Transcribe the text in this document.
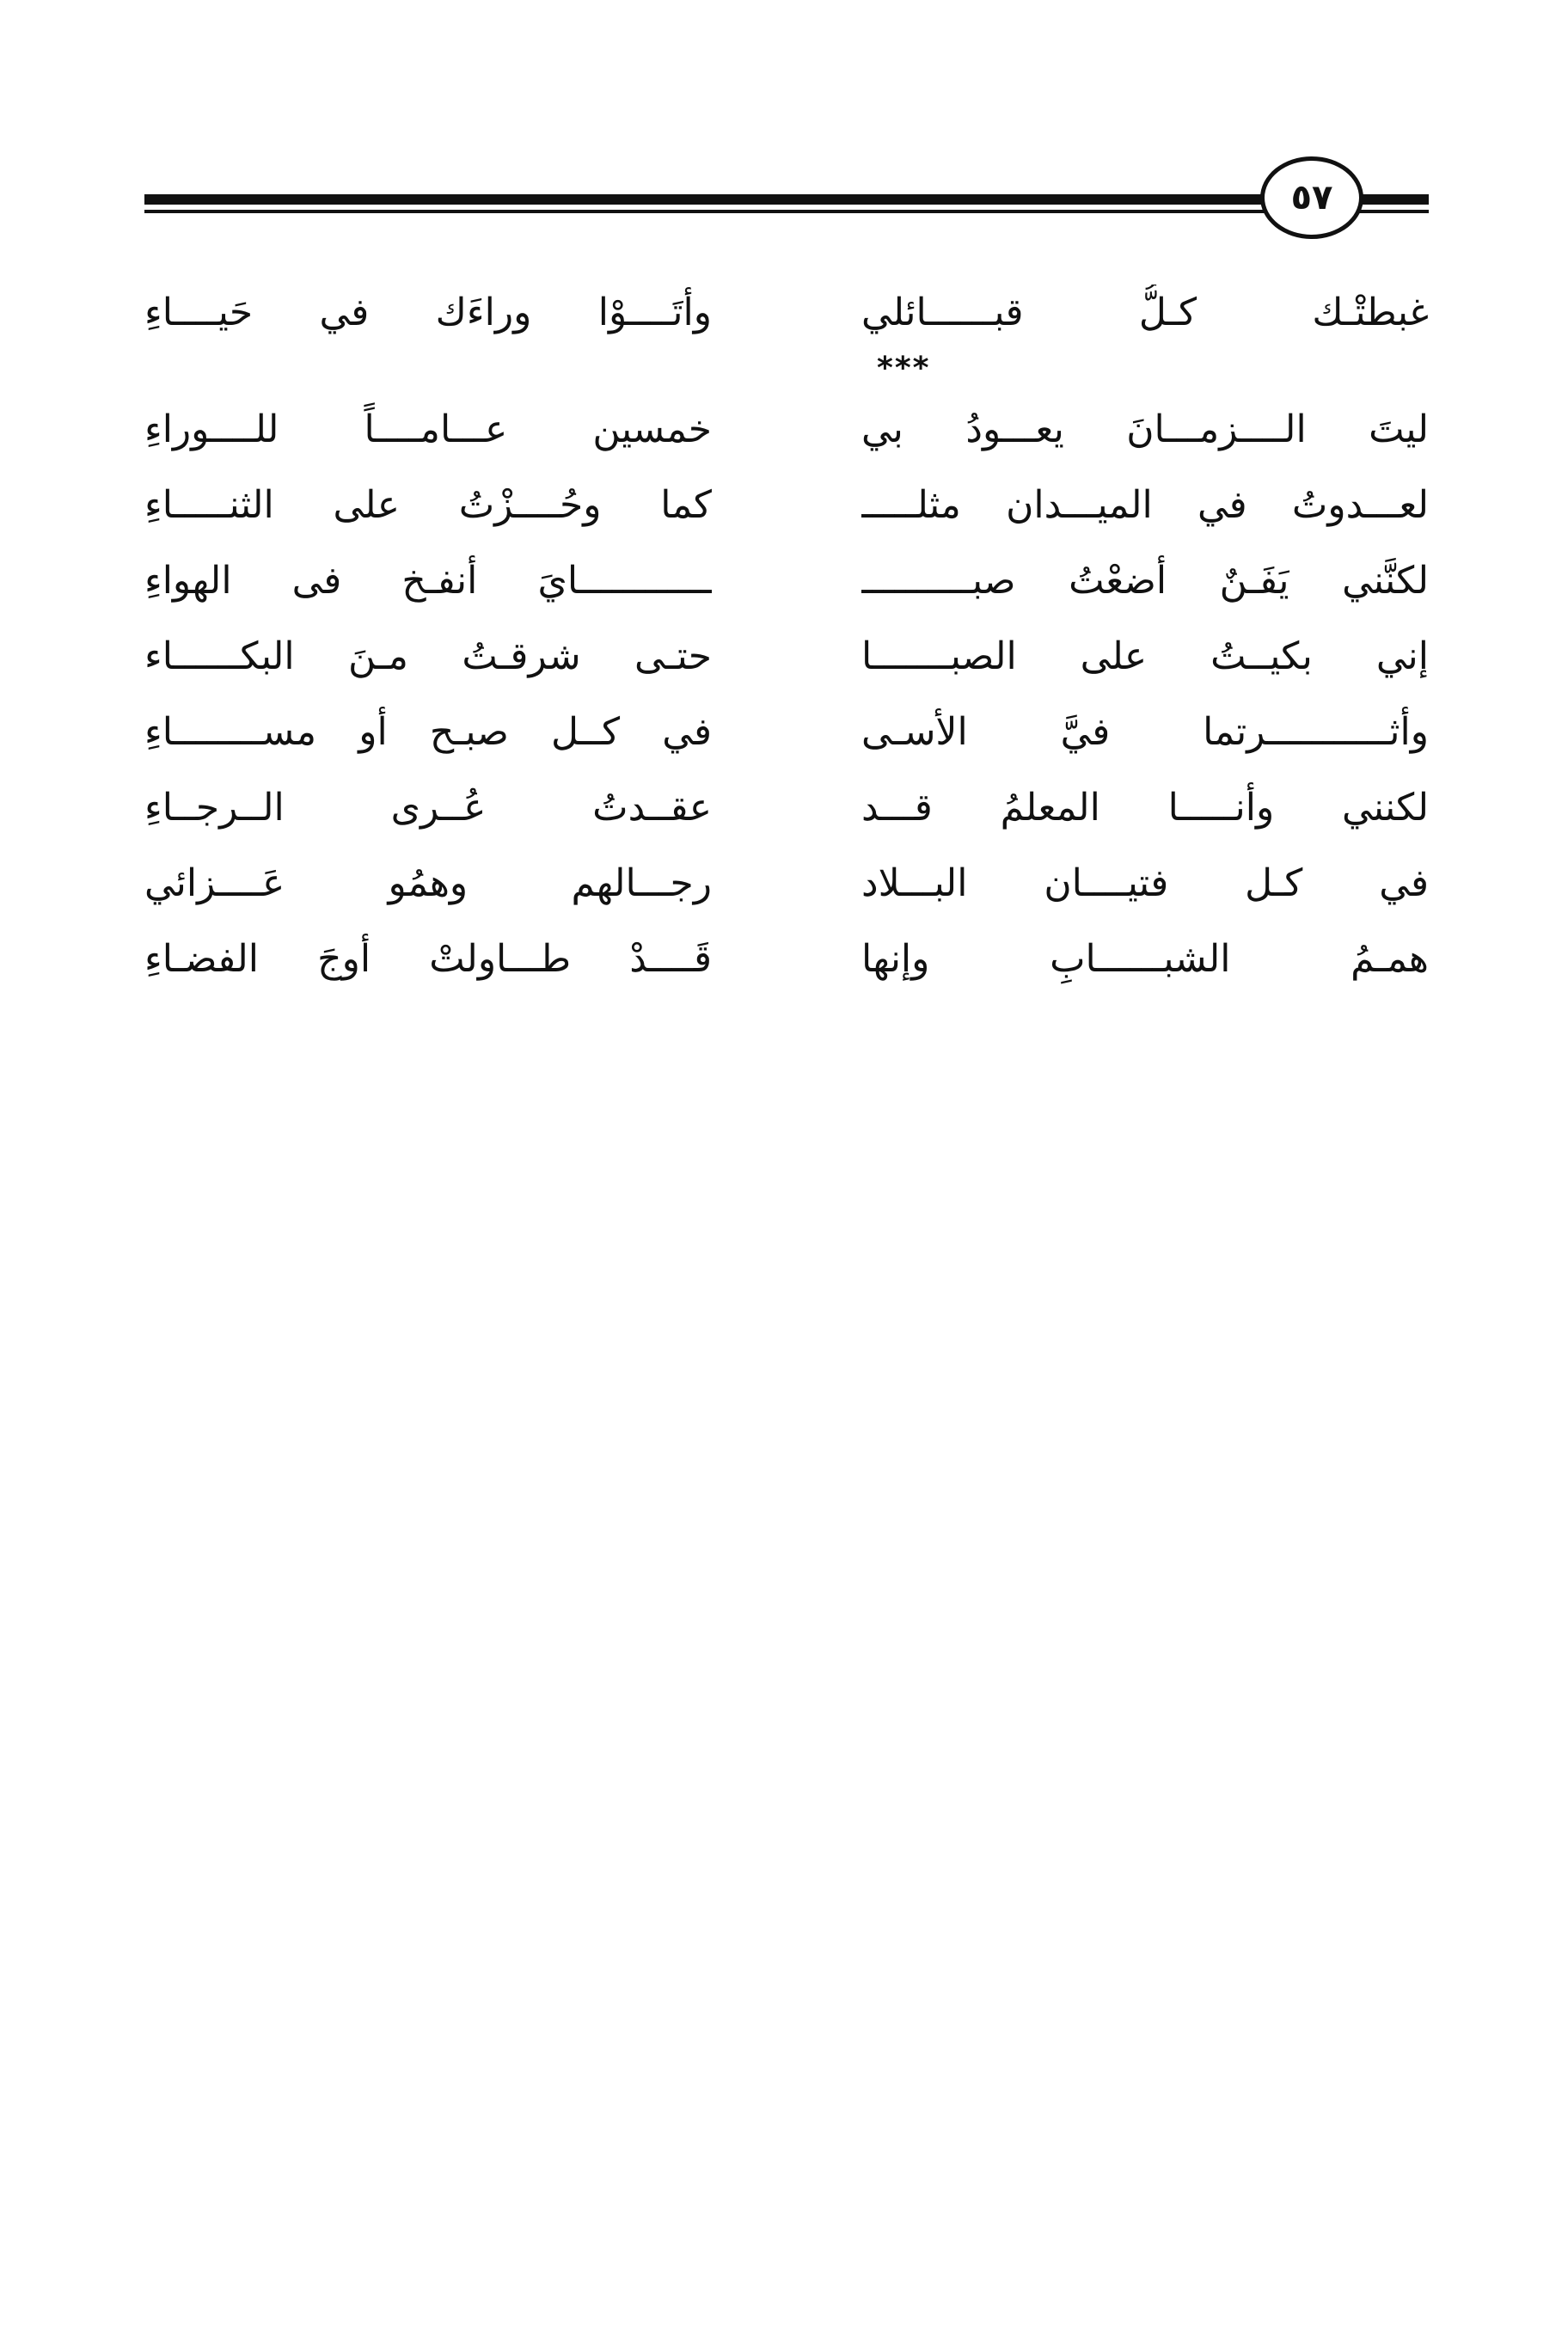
٥٧
غبطتْـك كـلُّ قبــــــائلي
وأتَــــوْا وراءَك في حَيــــاءِ
***
ليتَ الــــزمـــانَ يعـــودُ بي
خمسين عـــامــــاً للــــوراءِ
لعـــدوتُ في الميـــدان مثلـــــ
كما وحُــــزْتُ على الثنـــــاءِ
لكنَّني يَفَـنٌ أضعْتُ صبــــــــــ
ــــــــــــايَ أنفـخ فى الهواءِ
إني بكيــتُ على الصبـــــــا
حتـى شرقـتُ مـنَ البكــــــاء
وأثـــــــــــرتما فيَّ الأسـى
في كــل صبـح أو مســــــــاءِ
لكنني وأنـــــا المعلمُ قـــد
عقــدتُ عُــرى الــرجــاءِ
في كـل فتيــــان البـــلاد
رجـــالهم وهمُو عَــــزائي
همـمُ الشبــــــابِ وإنها
قَــــدْ طـــاولتْ أوجَ الفضـاءِ
